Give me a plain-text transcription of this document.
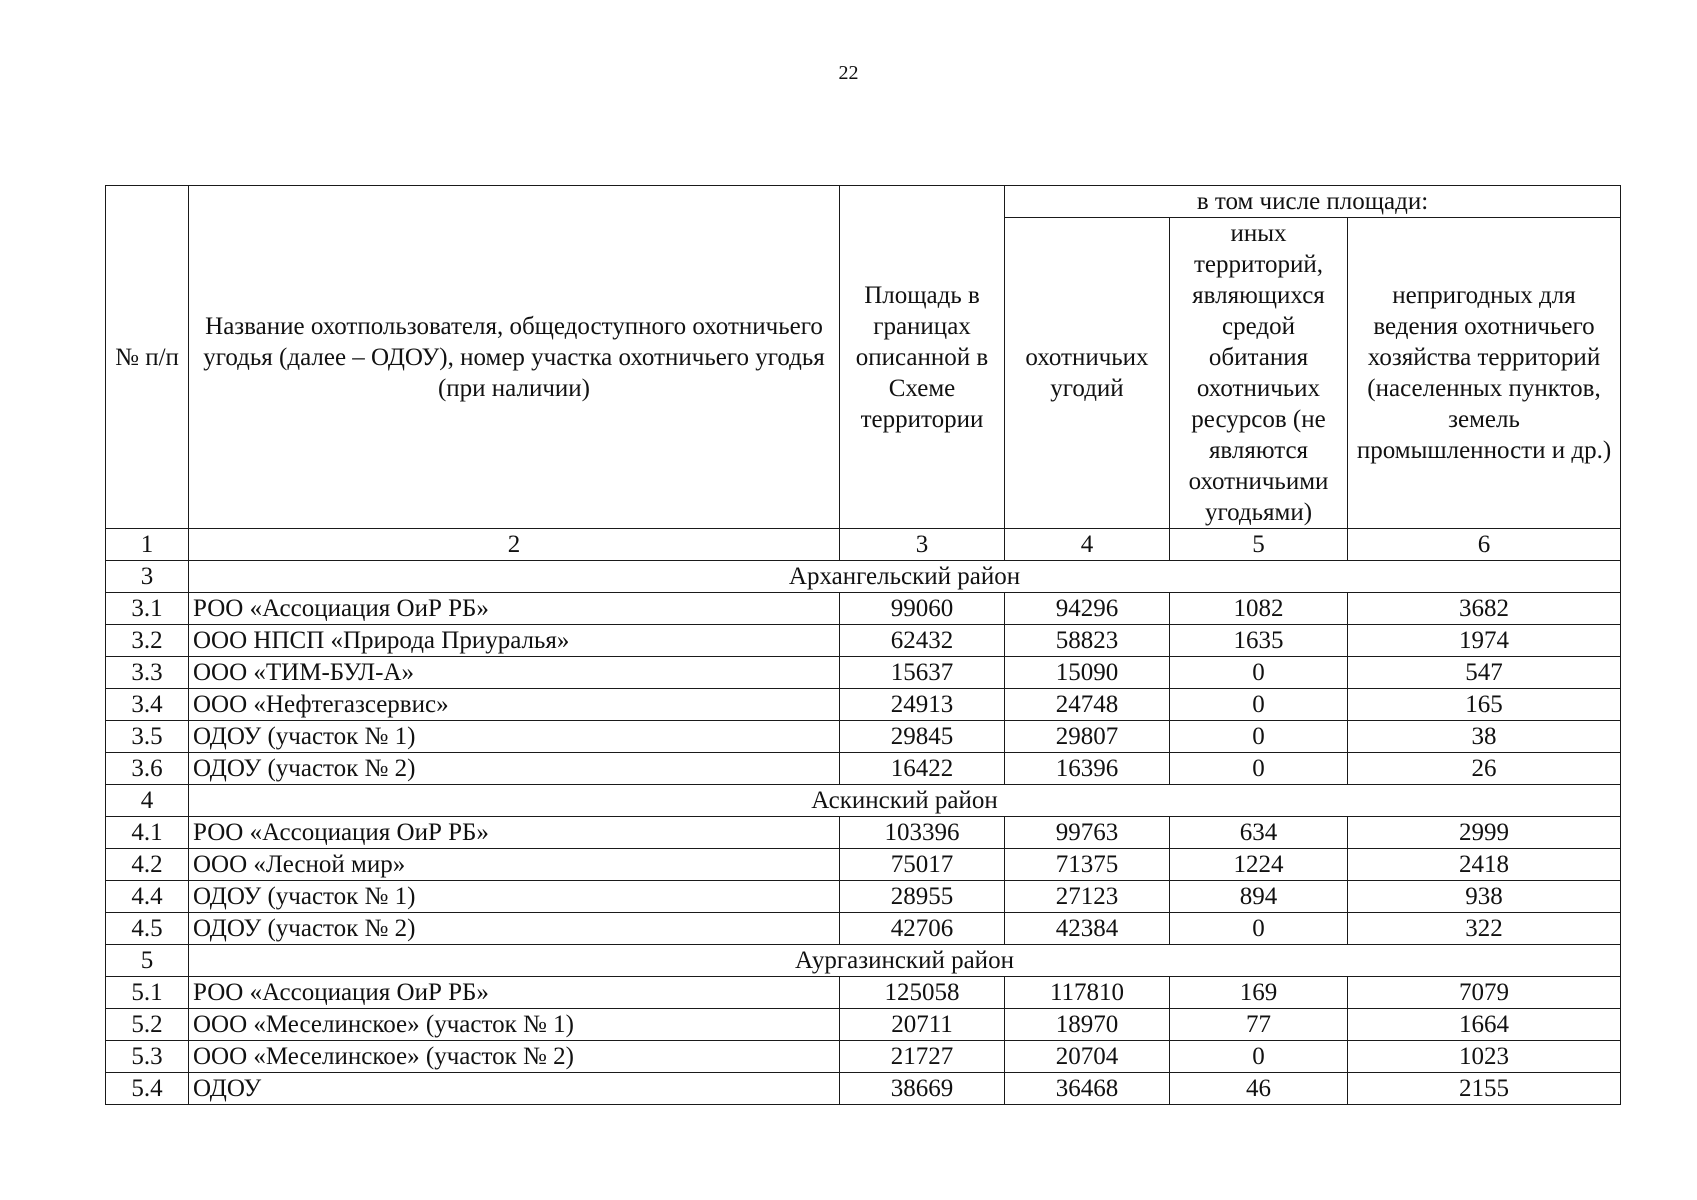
22
№ п/п	Название охотпользователя, общедоступного охотничьего угодья (далее – ОДОУ), номер участка охотничьего угодья (при наличии)	Площадь в границах описанной в Схеме территории	в том числе площади:		
			охотничьих угодий	иных территорий, являющихся средой обитания охотничьих ресурсов (не являются охотничьими угодьями)	непригодных для ведения охотничьего хозяйства территорий (населенных пунктов, земель промышленности и др.)
1	2	3	4	5	6
3	Архангельский район				
3.1	РОО «Ассоциация ОиР РБ»	99060	94296	1082	3682
3.2	ООО НПСП «Природа Приуралья»	62432	58823	1635	1974
3.3	ООО «ТИМ-БУЛ-А»	15637	15090	0	547
3.4	ООО «Нефтегазсервис»	24913	24748	0	165
3.5	ОДОУ (участок № 1)	29845	29807	0	38
3.6	ОДОУ (участок № 2)	16422	16396	0	26
4	Аскинский район				
4.1	РОО «Ассоциация ОиР РБ»	103396	99763	634	2999
4.2	ООО «Лесной мир»	75017	71375	1224	2418
4.4	ОДОУ (участок № 1)	28955	27123	894	938
4.5	ОДОУ (участок № 2)	42706	42384	0	322
5	Аургазинский район				
5.1	РОО «Ассоциация ОиР РБ»	125058	117810	169	7079
5.2	ООО «Меселинское» (участок № 1)	20711	18970	77	1664
5.3	ООО «Меселинское» (участок № 2)	21727	20704	0	1023
5.4	ОДОУ	38669	36468	46	2155
